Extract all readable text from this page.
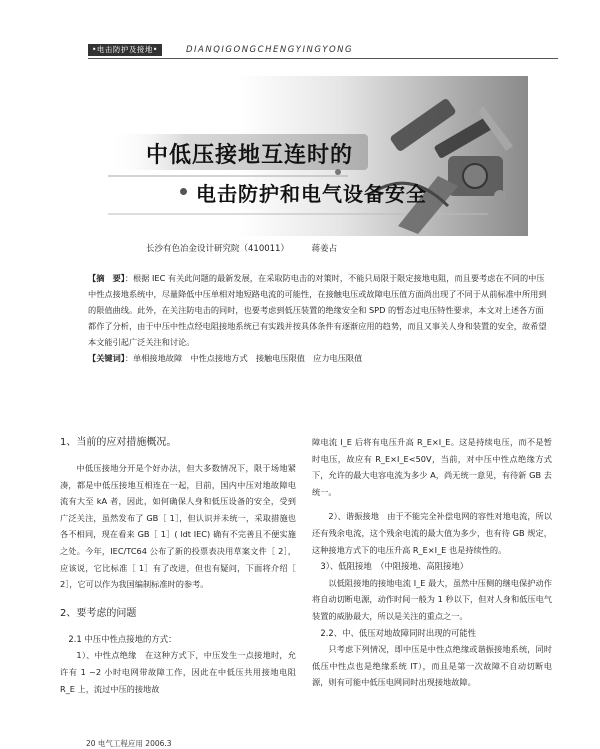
•电击防护及接地•	DIANQIGONGCHENGYINGYONG
中低压接地互连时的
电击防护和电气设备安全
长沙有色冶金设计研究院（410011）	蒋姜占

【摘　要】：根据 IEC 有关此问题的最新发展，在采取防电击的对策时，不能只局限于限定接地电阻，而且要考虑在不同的中压中性点接地系统中，尽量降低中压单相对地短路电流的可能性，在接触电压或故障电压值方面尚出现了不同于从前标准中所用到的限值曲线。此外，在关注防电击的同时，也要考虑到低压装置的绝缘安全和 SPD 的暂态过电压特性要求，本文对上述各方面都作了分析，由于中压中性点经电阻接地系统已有实践并按具体条件有逐渐应用的趋势，而且又事关人身和装置的安全，故希望本文能引起广泛关注和讨论。

【关键词】：单相接地故障　中性点接地方式　接触电压限值　应力电压限值

1、当前的应对措施概况。

中低压接地分开是个好办法，但大多数情况下，限于场地紧凑，都是中低压接地互相连在一起，目前，国内中压对地故障电流有大至 kA 者，因此，如何确保人身和低压设备的安全，受到广泛关注，虽然发布了 GB［ 1］，但认识并未统一，采取措施也各不相同，现在看来 GB［ 1］( ldt IEC) 确有不完善且不便实施之处。今年，IEC/TC64 公布了新的投票表决用草案文件［ 2］，应该说，它比标准［ 1］有了改进，但也有疑问，下面将介绍［ 2］，它可以作为我国编制标准时的参考。

2、要考虑的问题
2.1 中压中性点接地的方式：

1）、中性点绝缘　在这种方式下，中压发生一点接地时，允许有 1 ~2 小时电网带故障工作，因此在中低压共用接地电阻 R_E 上，流过中压的接地故

障电流 I_E 后将有电压升高 R_E×I_E。这是持续电压，而不是暂时电压，故应有 R_E×I_E<50V，当前，对中压中性点绝缘方式下，允许的最大电容电流为多少 A，尚无统一意见，有待新 GB 去统一。

2）、谐振接地　由于不能完全补偿电网的容性对地电流，所以还有残余电流，这个残余电流的最大值为多少，也有待 GB 规定，这种接地方式下的电压升高 R_E×I_E 也是持续性的。

3）、低阻接地　（中阻接地、高阻接地）

以低阻接地的接地电流 I_E 最大，虽然中压侧的继电保护动作将自动切断电源，动作时间一般为 1 秒以下，但对人身和低压电气装置的威胁最大，所以是关注的重点之一。

2.2、中、低压对地故障同时出现的可能性

只考虑下列情况，即中压是中性点绝缘或谐振接地系统，同时低压中性点也是绝缘系统 IT），而且是第一次故障不自动切断电源，则有可能中低压电网同时出现接地故障。

20 电气工程应用 2006.3
